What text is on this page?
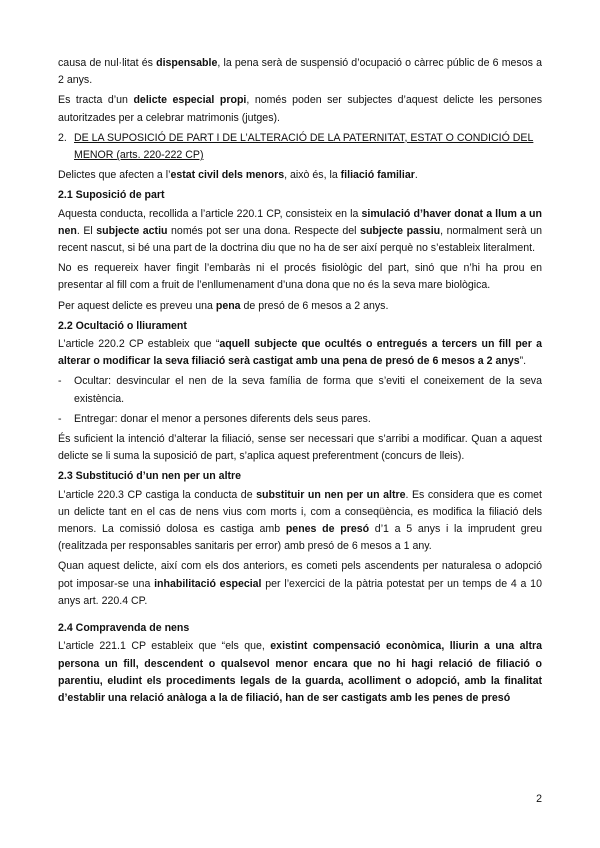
causa de nul·litat és dispensable, la pena serà de suspensió d’ocupació o càrrec públic de 6 mesos a 2 anys.

Es tracta d’un delicte especial propi, només poden ser subjectes d’aquest delicte les persones autoritzades per a celebrar matrimonis (jutges).

2. DE LA SUPOSICIÓ DE PART I DE L’ALTERACIÓ DE LA PATERNITAT, ESTAT O CONDICIÓ DEL
MENOR (arts. 220-222 CP)

Delictes que afecten a l’estat civil dels menors, això és, la filiació familiar.

2.1 Suposició de part

Aquesta conducta, recollida a l’article 220.1 CP, consisteix en la simulació d’haver donat a llum a un nen. El subjecte actiu només pot ser una dona. Respecte del subjecte passiu, normalment serà un recent nascut, si bé una part de la doctrina diu que no ha de ser així perquè no s’estableix literalment.

No es requereix haver fingit l’embaràs ni el procés fisiològic del part, sinó que n’hi ha prou en presentar al fill com a fruit de l’enllumenament d’una dona que no és la seva mare biològica.

Per aquest delicte es preveu una pena de presó de 6 mesos a 2 anys.

2.2 Ocultació o lliurament

L’article 220.2 CP estableix que “aquell subjecte que ocultés o entregués a tercers un fill per a alterar o modificar la seva filiació serà castigat amb una pena de presó de 6 mesos a 2 anys”.

- Ocultar: desvincular el nen de la seva família de forma que s’eviti el coneixement de la seva existència.
- Entregar: donar el menor a persones diferents dels seus pares.

És suficient la intenció d’alterar la filiació, sense ser necessari que s’arribi a modificar. Quan a aquest delicte se li suma la suposició de part, s’aplica aquest preferentment (concurs de lleis).

2.3 Substitució d’un nen per un altre

L’article 220.3 CP castiga la conducta de substituir un nen per un altre. Es considera que es comet un delicte tant en el cas de nens vius com morts i, com a conseqüència, es modifica la filiació dels menors. La comissió dolosa es castiga amb penes de presó d’1 a 5 anys i la imprudent greu (realitzada per responsables sanitaris per error) amb presó de 6 mesos a 1 any.

Quan aquest delicte, així com els dos anteriors, es cometi pels ascendents per naturalesa o adopció pot imposar-se una inhabilitació especial per l’exercici de la pàtria potestat per un temps de 4 a 10 anys art. 220.4 CP.

2.4 Compravenda de nens

L’article 221.1 CP estableix que “els que, existint compensació econòmica, lliurin a una altra persona un fill, descendent o qualsevol menor encara que no hi hagi relació de filiació o parentiu, eludint els procediments legals de la guarda, acolliment o adopció, amb la finalitat d’establir una relació anàloga a la de filiació, han de ser castigats amb les penes de presó

2
